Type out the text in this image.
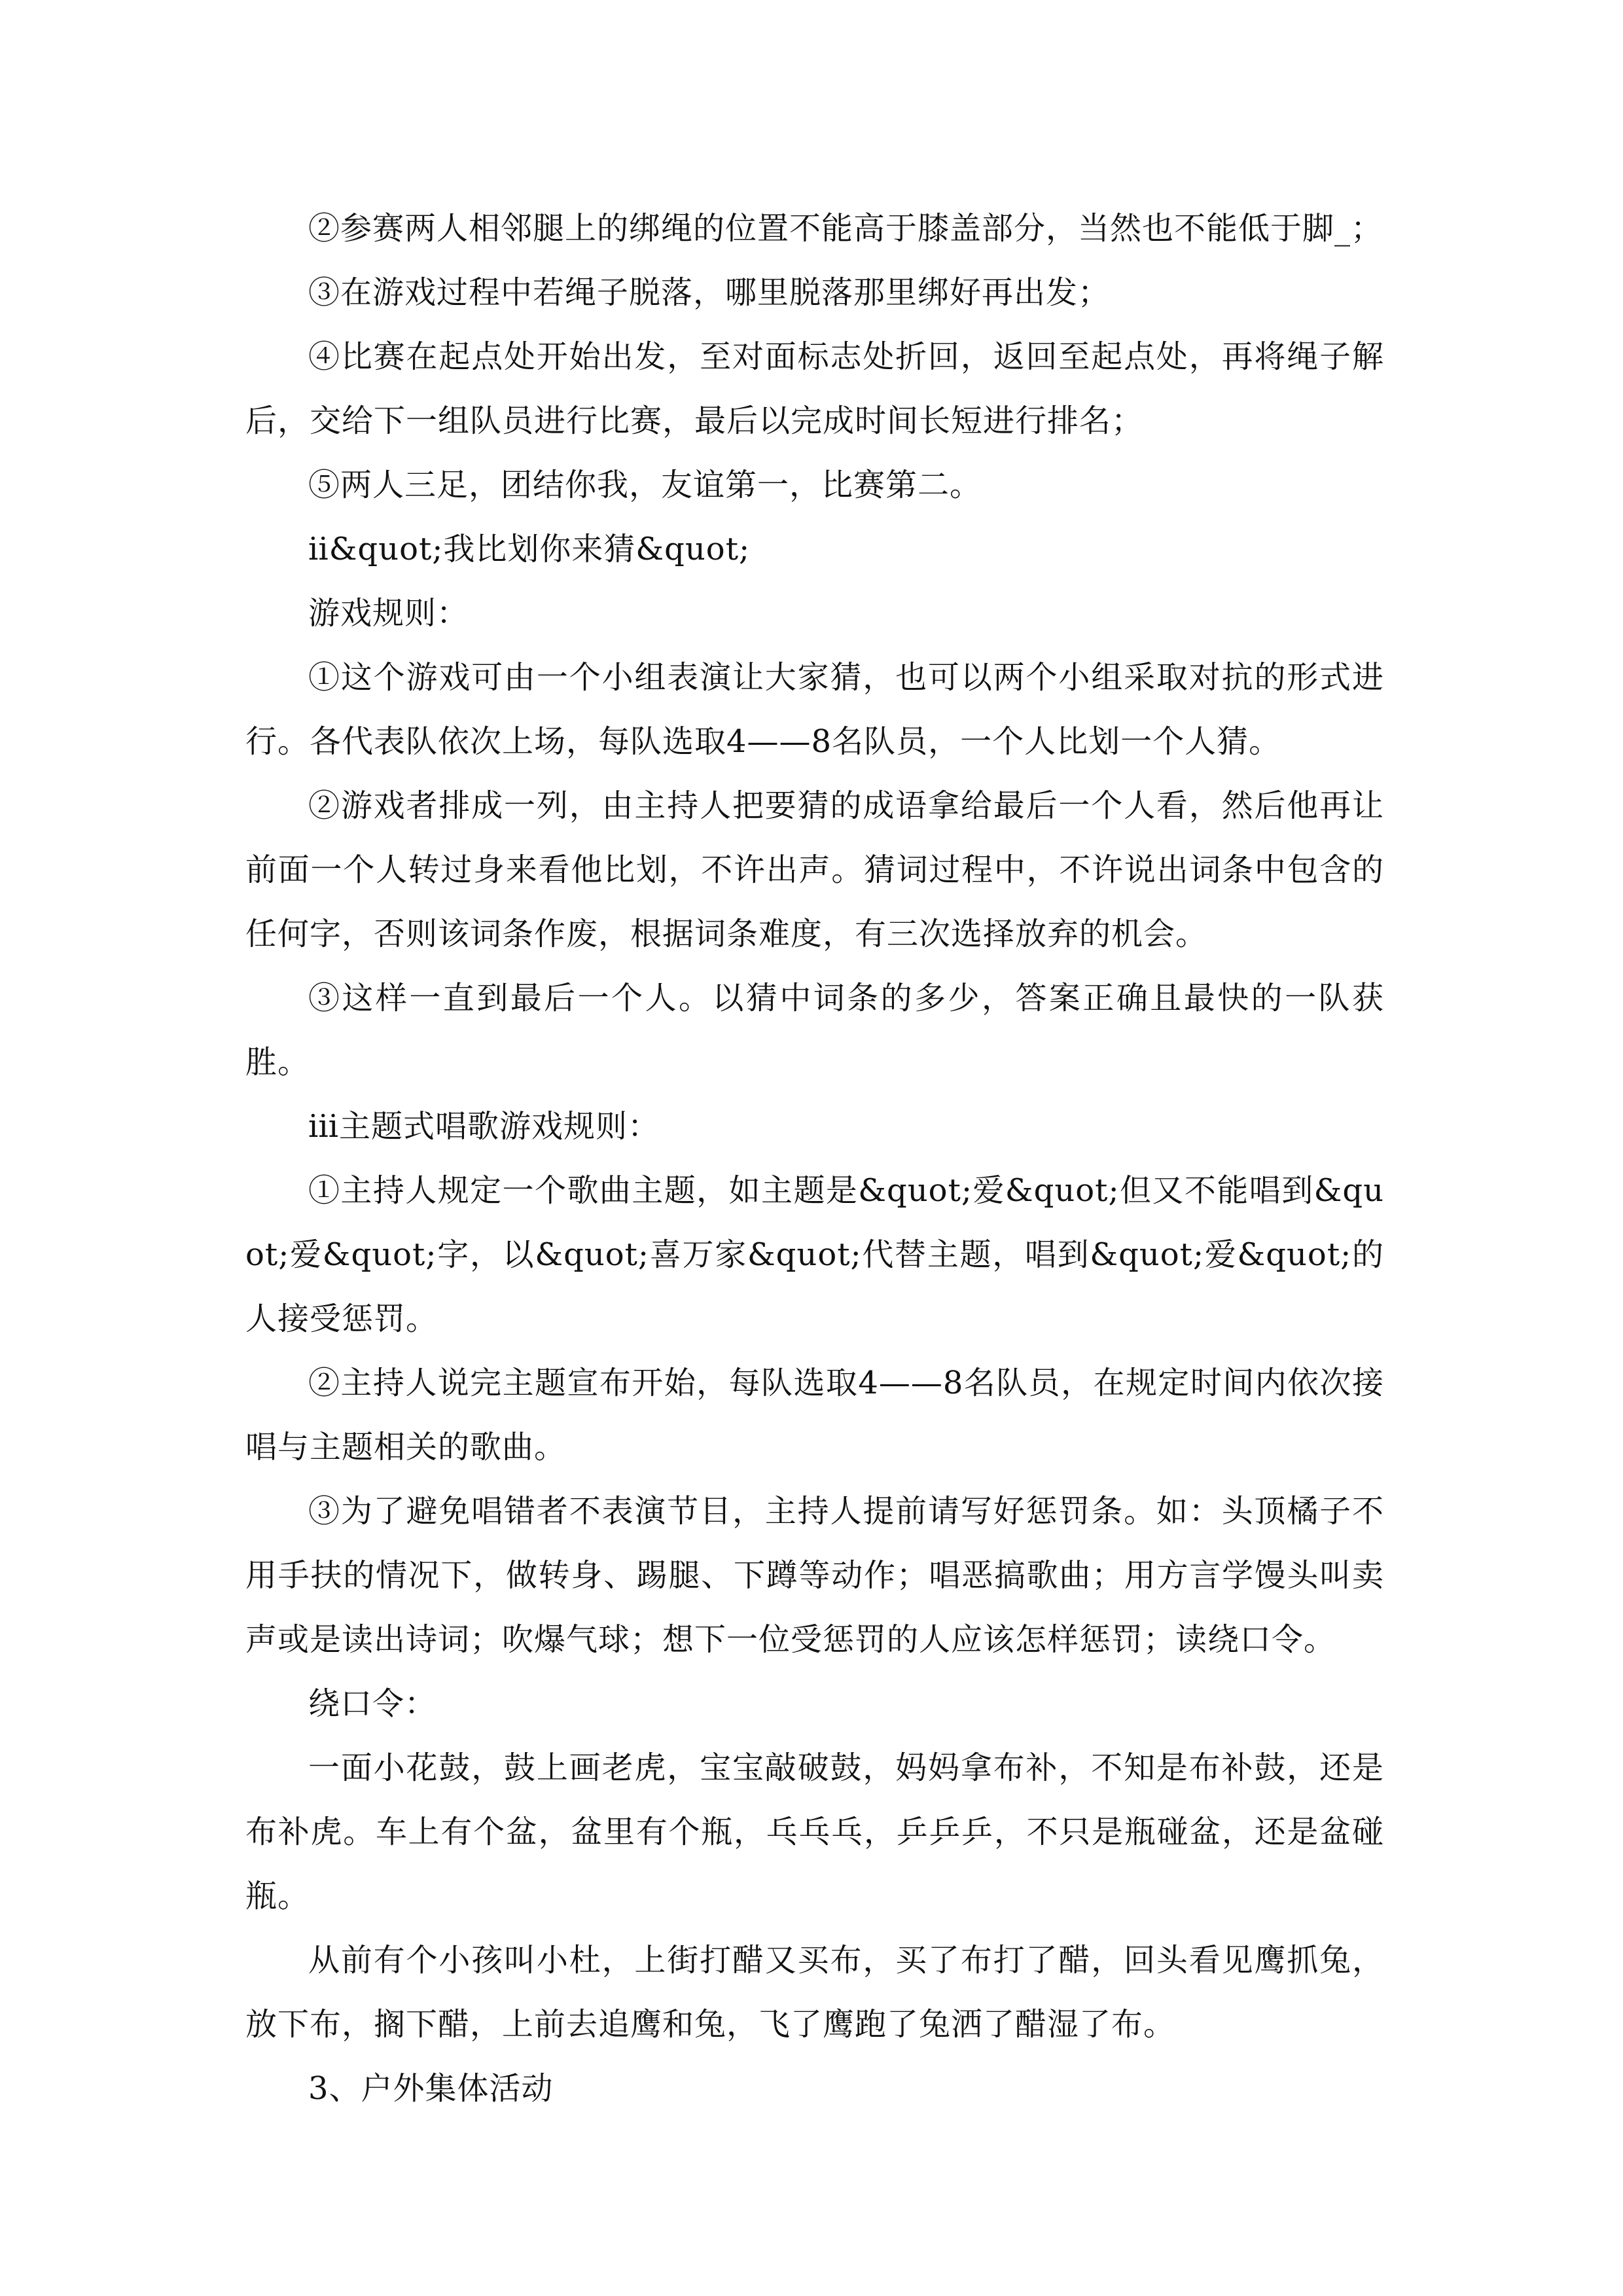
②参赛两人相邻腿上的绑绳的位置不能高于膝盖部分，当然也不能低于脚_；

③在游戏过程中若绳子脱落，哪里脱落那里绑好再出发；

④比赛在起点处开始出发，至对面标志处折回，返回至起点处，再将绳子解后，交给下一组队员进行比赛，最后以完成时间长短进行排名；

⑤两人三足，团结你我，友谊第一，比赛第二。

ⅱ&quot;我比划你来猜&quot;

游戏规则：

①这个游戏可由一个小组表演让大家猜，也可以两个小组采取对抗的形式进行。各代表队依次上场，每队选取4——8名队员，一个人比划一个人猜。

②游戏者排成一列，由主持人把要猜的成语拿给最后一个人看，然后他再让前面一个人转过身来看他比划，不许出声。猜词过程中，不许说出词条中包含的任何字，否则该词条作废，根据词条难度，有三次选择放弃的机会。

③这样一直到最后一个人。以猜中词条的多少，答案正确且最快的一队获胜。

ⅲ主题式唱歌游戏规则：

①主持人规定一个歌曲主题，如主题是&quot;爱&quot;但又不能唱到&quot;爱&quot;字，以&quot;喜万家&quot;代替主题，唱到&quot;爱&quot;的人接受惩罚。

②主持人说完主题宣布开始，每队选取4——8名队员，在规定时间内依次接唱与主题相关的歌曲。

③为了避免唱错者不表演节目，主持人提前请写好惩罚条。如：头顶橘子不用手扶的情况下，做转身、踢腿、下蹲等动作；唱恶搞歌曲；用方言学馒头叫卖声或是读出诗词；吹爆气球；想下一位受惩罚的人应该怎样惩罚；读绕口令。

绕口令：

一面小花鼓，鼓上画老虎，宝宝敲破鼓，妈妈拿布补，不知是布补鼓，还是布补虎。车上有个盆，盆里有个瓶，乓乓乓，乒乒乒，不只是瓶碰盆，还是盆碰瓶。

从前有个小孩叫小杜，上街打醋又买布，买了布打了醋，回头看见鹰抓兔，放下布，搁下醋，上前去追鹰和兔，飞了鹰跑了兔洒了醋湿了布。

3、户外集体活动
